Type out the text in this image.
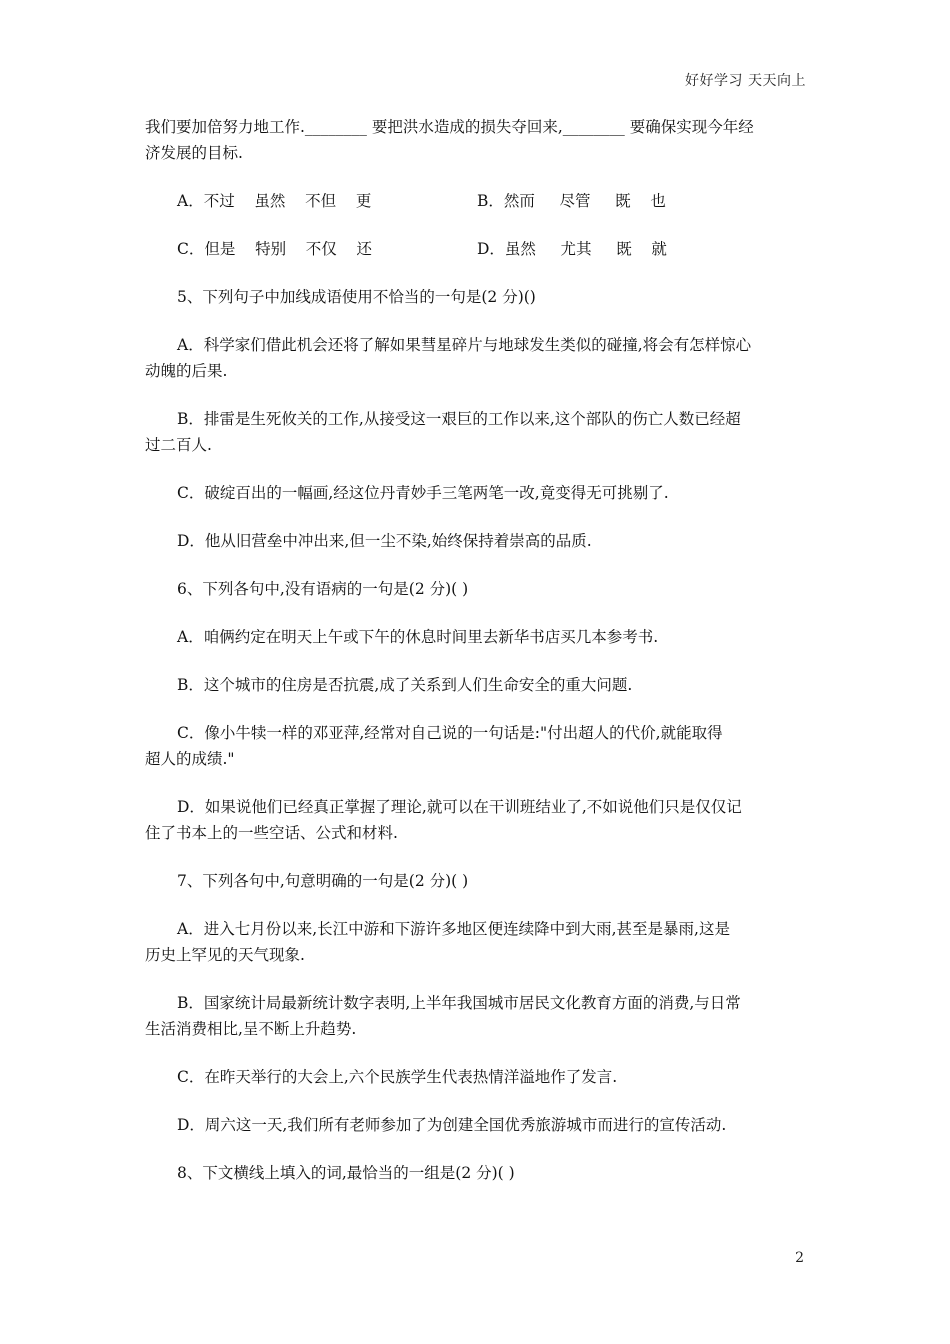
好好学习 天天向上

我们要加倍努力地工作.________ 要把洪水造成的损失夺回来,________ 要确保实现今年经

济发展的目标.

A．不过    虽然    不但    更	B．然而     尽管     既    也
C．但是    特别    不仅    还	D．虽然     尤其     既    就

5、下列句子中加线成语使用不恰当的一句是(2 分)()

A．科学家们借此机会还将了解如果彗星碎片与地球发生类似的碰撞,将会有怎样惊心

动魄的后果.

B．排雷是生死攸关的工作,从接受这一艰巨的工作以来,这个部队的伤亡人数已经超

过二百人.

C．破绽百出的一幅画,经这位丹青妙手三笔两笔一改,竟变得无可挑剔了.

D．他从旧营垒中冲出来,但一尘不染,始终保持着崇高的品质.

6、下列各句中,没有语病的一句是(2 分)( )

A．咱俩约定在明天上午或下午的休息时间里去新华书店买几本参考书.

B．这个城市的住房是否抗震,成了关系到人们生命安全的重大问题.

C．像小牛犊一样的邓亚萍,经常对自己说的一句话是:"付出超人的代价,就能取得

超人的成绩."

D．如果说他们已经真正掌握了理论,就可以在干训班结业了,不如说他们只是仅仅记

住了书本上的一些空话、公式和材料.

7、下列各句中,句意明确的一句是(2 分)( )

A．进入七月份以来,长江中游和下游许多地区便连续降中到大雨,甚至是暴雨,这是

历史上罕见的天气现象.

B．国家统计局最新统计数字表明,上半年我国城市居民文化教育方面的消费,与日常

生活消费相比,呈不断上升趋势.

C．在昨天举行的大会上,六个民族学生代表热情洋溢地作了发言.

D．周六这一天,我们所有老师参加了为创建全国优秀旅游城市而进行的宣传活动.

8、下文横线上填入的词,最恰当的一组是(2 分)( )

2
